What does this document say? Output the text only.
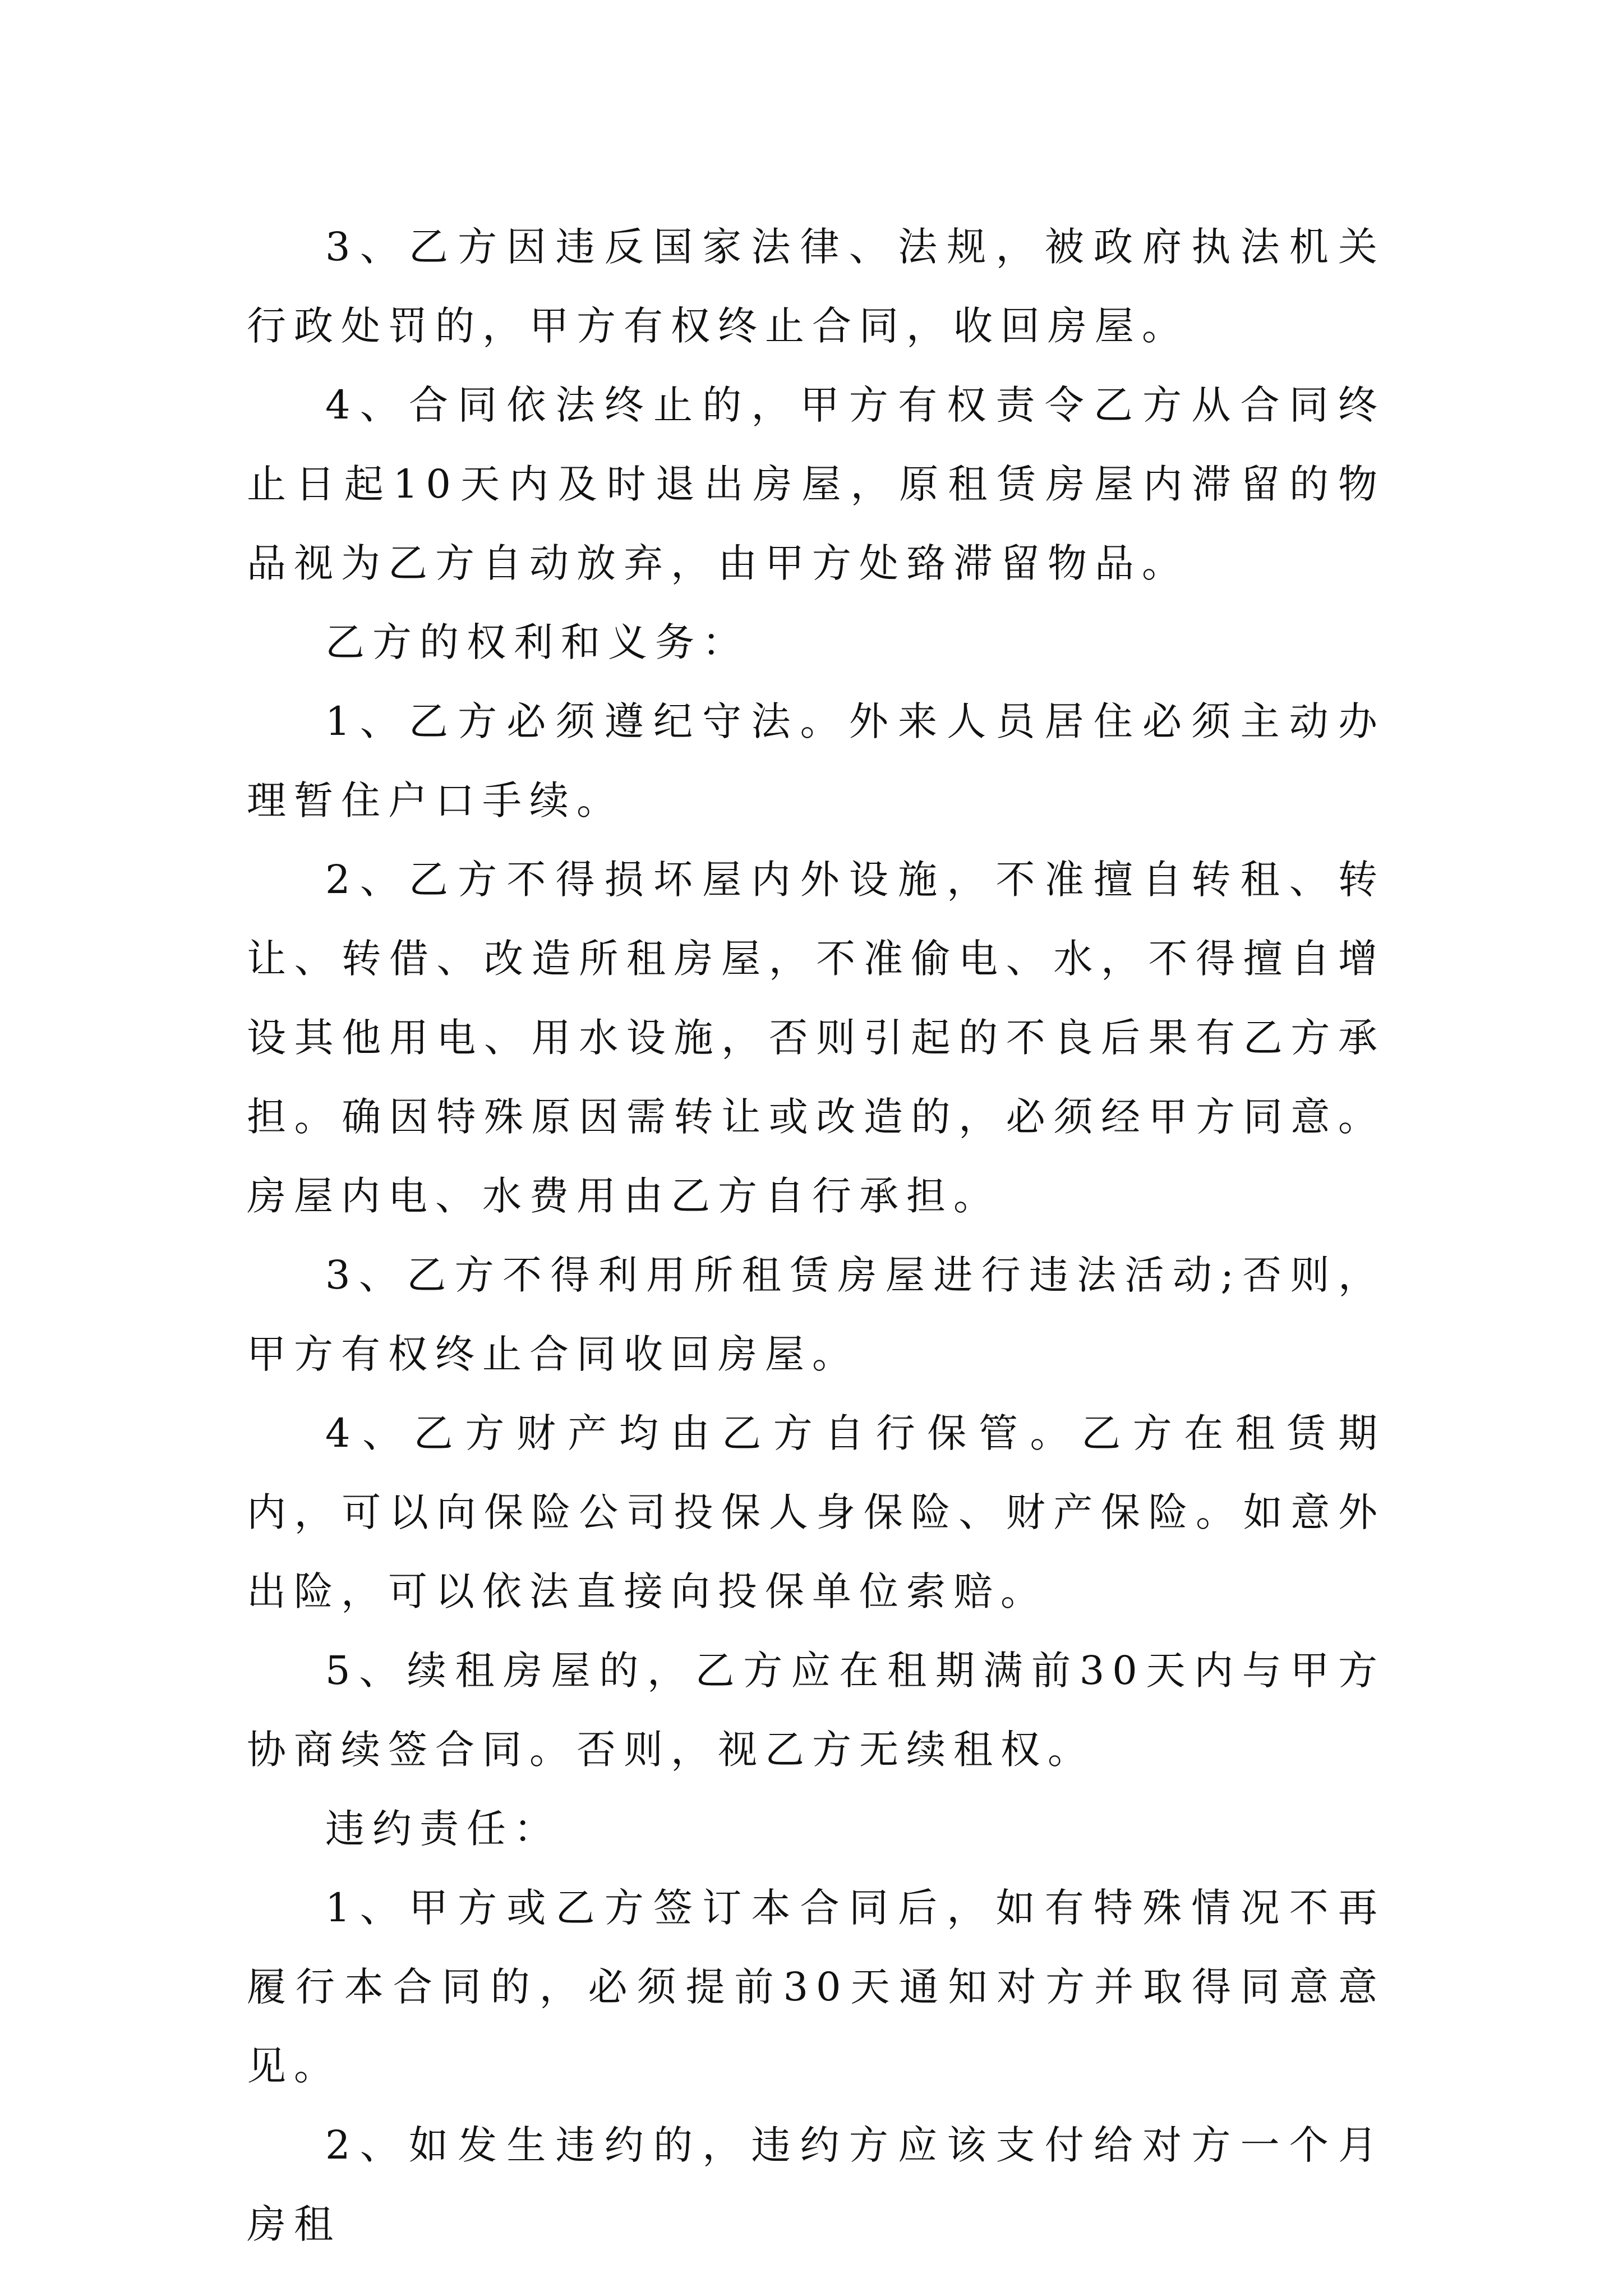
3、乙方因违反国家法律、法规，被政府执法机关行政处罚的，甲方有权终止合同，收回房屋。

4、合同依法终止的，甲方有权责令乙方从合同终止日起10天内及时退出房屋，原租赁房屋内滞留的物品视为乙方自动放弃，由甲方处臵滞留物品。

乙方的权利和义务：

1、乙方必须遵纪守法。外来人员居住必须主动办理暂住户口手续。

2、乙方不得损坏屋内外设施，不准擅自转租、转让、转借、改造所租房屋，不准偷电、水，不得擅自增设其他用电、用水设施，否则引起的不良后果有乙方承担。确因特殊原因需转让或改造的，必须经甲方同意。房屋内电、水费用由乙方自行承担。

3、乙方不得利用所租赁房屋进行违法活动;否则，甲方有权终止合同收回房屋。

4、乙方财产均由乙方自行保管。乙方在租赁期内，可以向保险公司投保人身保险、财产保险。如意外出险，可以依法直接向投保单位索赔。

5、续租房屋的，乙方应在租期满前30天内与甲方协商续签合同。否则，视乙方无续租权。

违约责任：

1、甲方或乙方签订本合同后，如有特殊情况不再履行本合同的，必须提前30天通知对方并取得同意意见。

2、如发生违约的，违约方应该支付给对方一个月房租
